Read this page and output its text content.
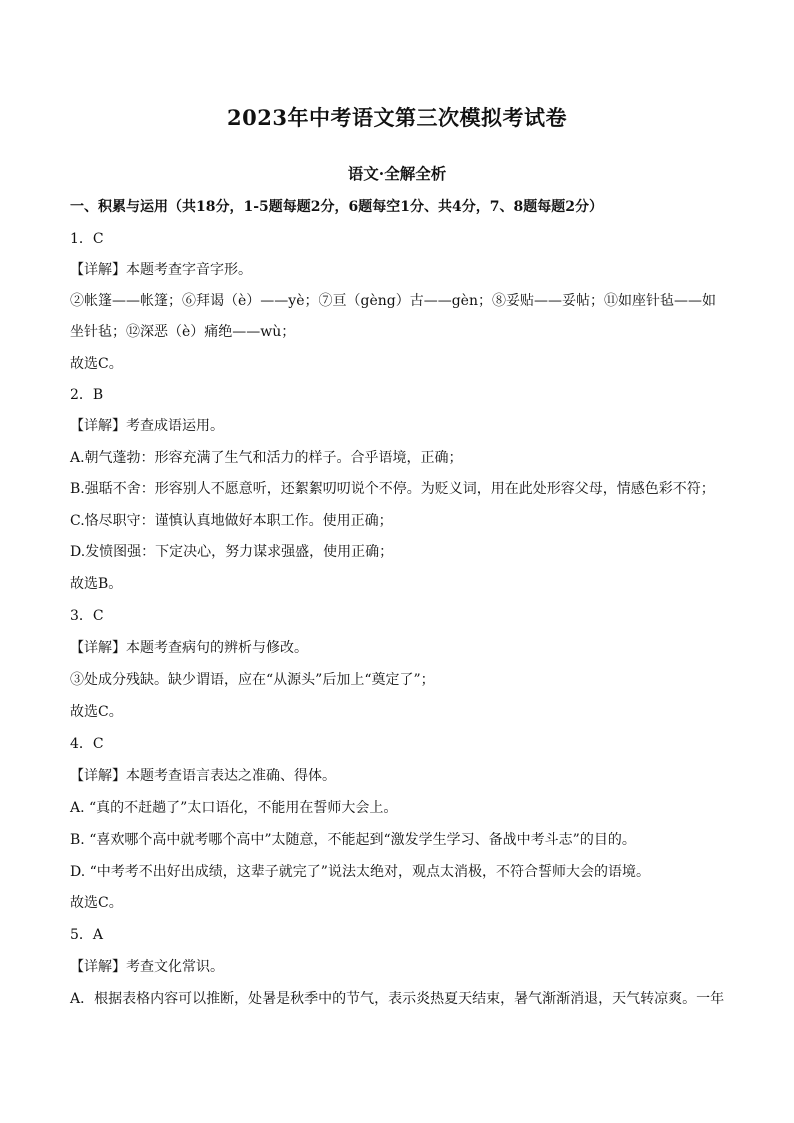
2023年中考语文第三次模拟考试卷
语文·全解全析
一、积累与运用（共18分，1-5题每题2分，6题每空1分、共4分，7、8题每题2分）
1．C
【详解】本题考查字音字形。
②帐篷——帐篷；⑥拜谒（è）——yè；⑦亘（gèng）古——gèn；⑧妥贴——妥帖；⑪如座针毡——如
坐针毡；⑫深恶（è）痛绝——wù；
故选C。
2．B
【详解】考查成语运用。
A.朝气蓬勃：形容充满了生气和活力的样子。合乎语境，正确；
B.强聒不舍：形容别人不愿意听，还絮絮叨叨说个不停。为贬义词，用在此处形容父母，情感色彩不符；
C.恪尽职守：谨慎认真地做好本职工作。使用正确；
D.发愤图强：下定决心，努力谋求强盛，使用正确；
故选B。
3．C
【详解】本题考查病句的辨析与修改。
③处成分残缺。缺少谓语，应在“从源头”后加上“奠定了”；
故选C。
4．C
【详解】本题考查语言表达之准确、得体。
A. “真的不赶趟了”太口语化，不能用在誓师大会上。
B. “喜欢哪个高中就考哪个高中”太随意，不能起到“激发学生学习、备战中考斗志”的目的。
D. “中考考不出好出成绩，这辈子就完了”说法太绝对，观点太消极，不符合誓师大会的语境。
故选C。
5．A
【详解】考查文化常识。
A．根据表格内容可以推断，处暑是秋季中的节气，表示炎热夏天结束，暑气渐渐消退，天气转凉爽。一年
